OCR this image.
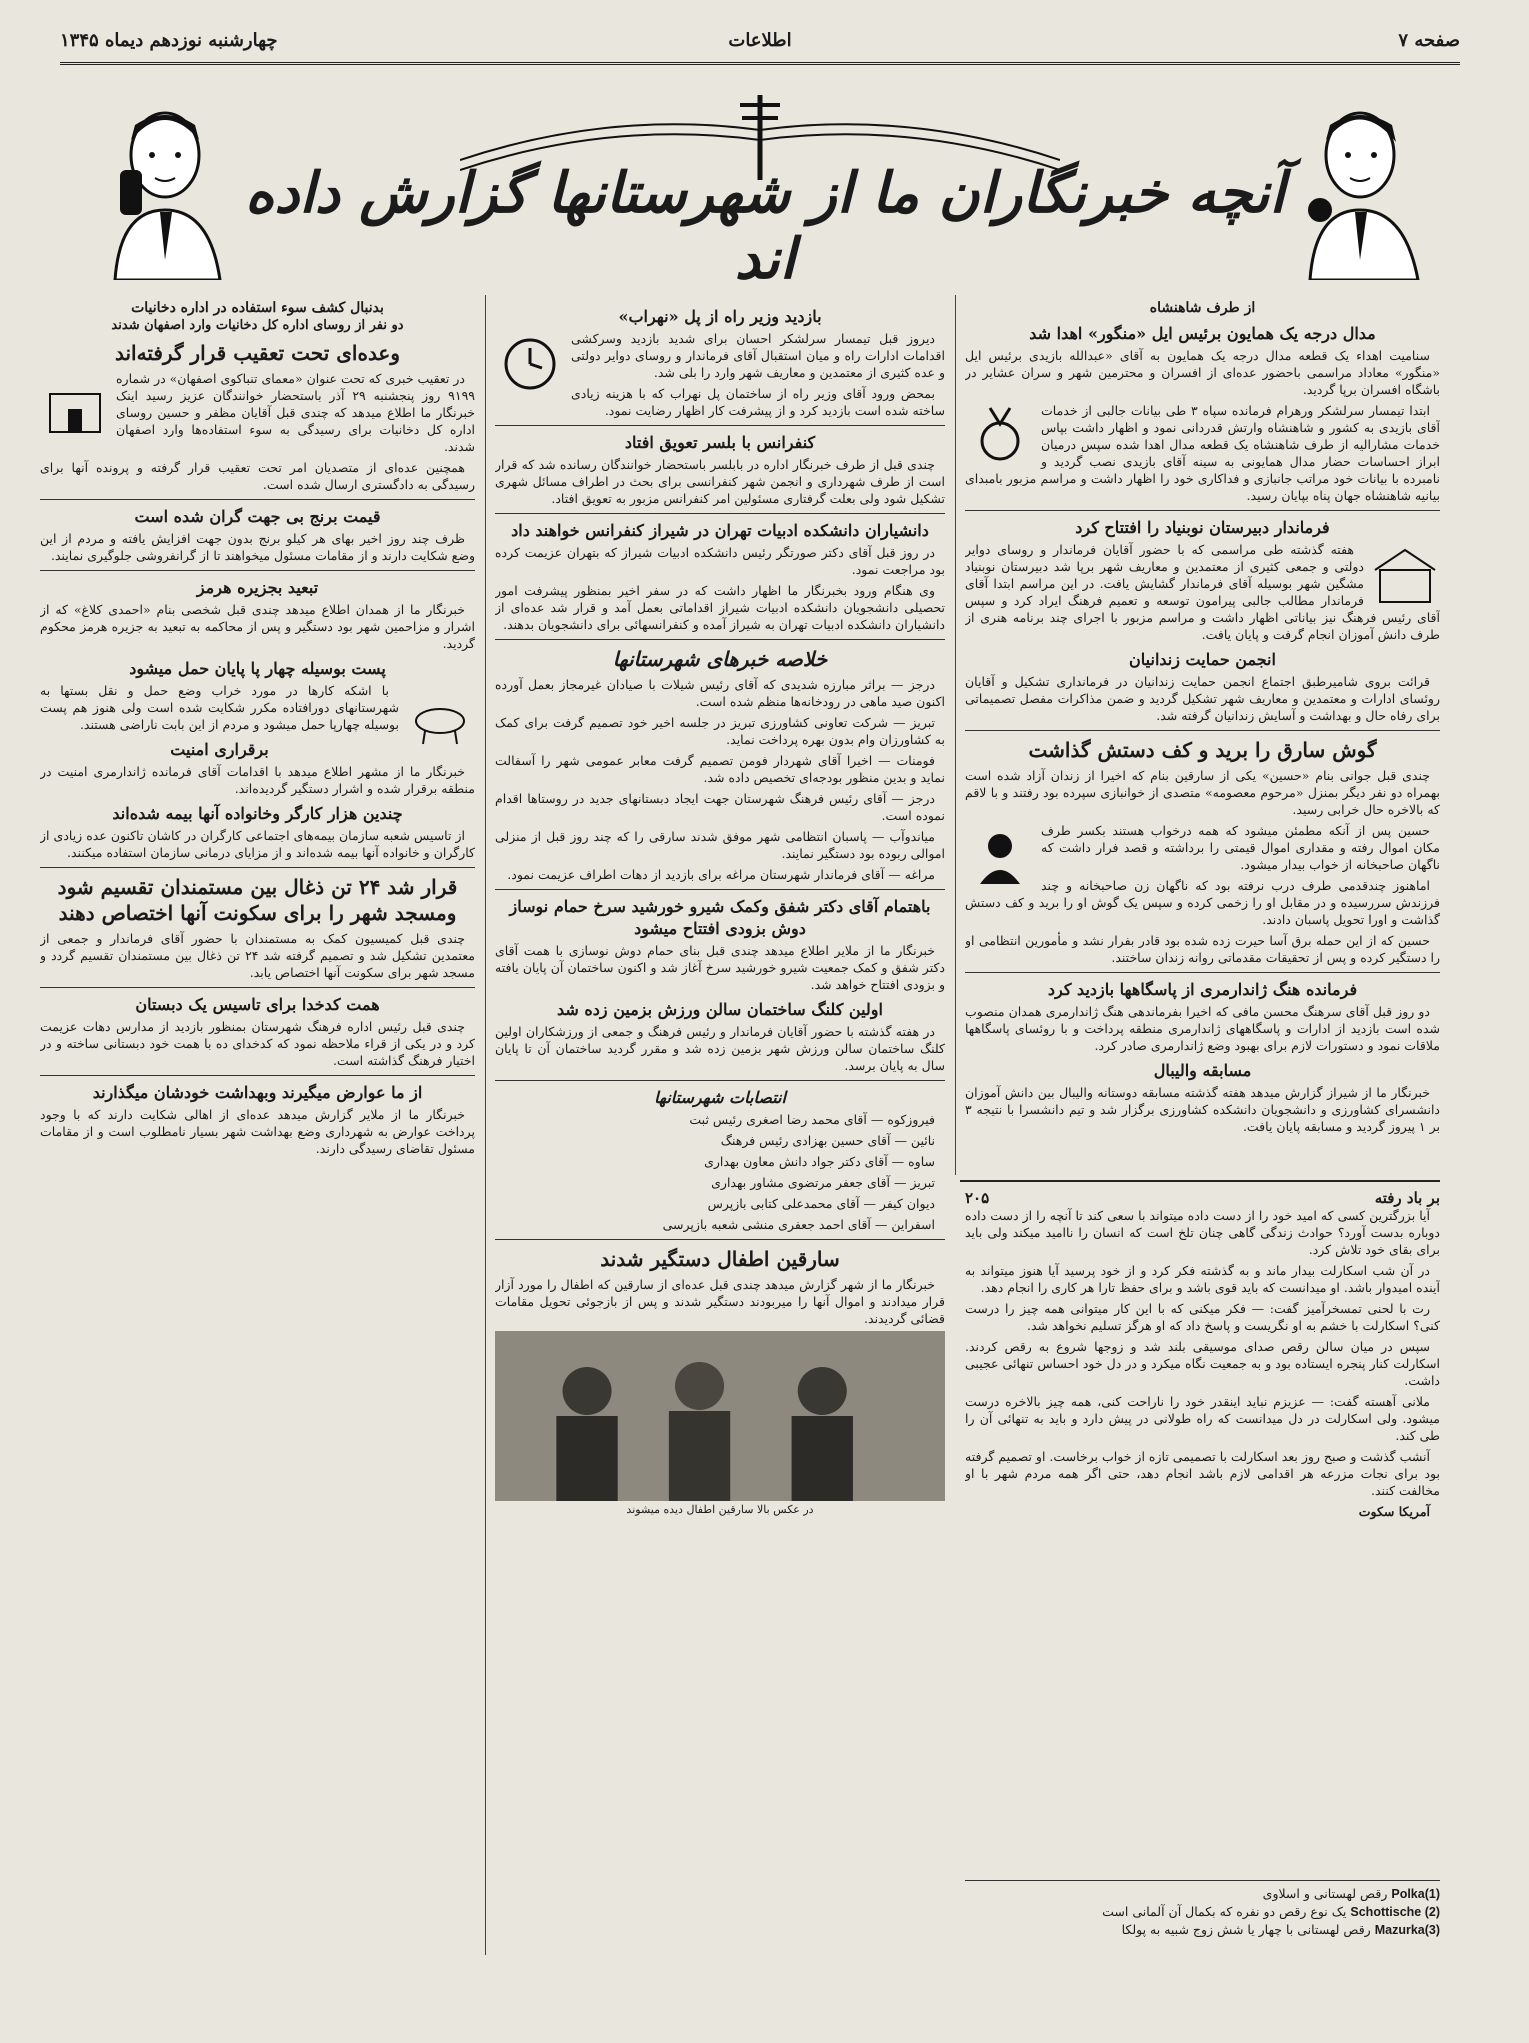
صفحه ۷
اطلاعات
چهارشنبه نوزدهم دیماه ۱۳۴۵
آنچه خبرنگاران ما از شهرستانها گزارش داده اند
از طرف شاهنشاه
مدال درجه یک همایون برئیس ایل «منگور» اهدا شد

سنامیت اهداء یک قطعه مدال درجه یک همایون به آقای «عبدالله بازیدی برئیس ایل «منگور» معاداد مراسمی باحضور عده‌ای از افسران و محترمین شهر و سران عشایر در باشگاه افسران برپا گردید.

ابتدا تیمسار سرلشکر ورهرام فرمانده سپاه ۳ طی بیانات جالبی از خدمات آقای بازیدی به کشور و شاهنشاه وارتش قدردانی نمود و اظهار داشت بپاس خدمات مشارالیه از طرف شاهنشاه یک قطعه مدال اهدا شده سپس درمیان ابراز احساسات حضار مدال همایونی به سینه آقای بازیدی نصب گردید و نامبرده با بیانات خود مراتب جانبازی و فداکاری خود را اظهار داشت و مراسم مزبور بامبدای بیانیه شاهنشاه جهان پناه بپایان رسید.

فرماندار دبیرستان نوبنیاد را افتتاح کرد

هفته گذشته طی مراسمی که با حضور آقایان فرماندار و روسای دوایر دولتی و جمعی کثیری از معتمدین و معاریف شهر برپا شد دبیرستان نوبنیاد مشگین شهر بوسیله آقای فرماندار گشایش یافت. در این مراسم ابتدا آقای فرماندار مطالب جالبی پیرامون توسعه و تعمیم فرهنگ ایراد کرد و سپس آقای رئیس فرهنگ نیز بیاناتی اظهار داشت و مراسم مزبور با اجرای چند برنامه هنری از طرف دانش آموزان انجام گرفت و پایان یافت.

انجمن حمایت زندانیان

قرائت بروی شامیرطبق اجتماع انجمن حمایت زندانیان در فرمانداری تشکیل و آقایان روئسای ادارات و معتمدین و معاریف شهر تشکیل گردید و ضمن مذاکرات مفصل تصمیماتی برای رفاه حال و بهداشت و آسایش زندانیان گرفته شد.

گوش سارق را برید و کف دستش گذاشت

چندی قبل جوانی بنام «حسین» یکی از سارقین بنام که اخیرا از زندان آزاد شده است بهمراه دو نفر دیگر بمنزل «مرحوم معصومه» متصدی از خوانبازی سپرده بود رفتند و با لاقم که بالاخره حال خرابی رسید.

حسین پس از آنکه مطمئن میشود که همه درخواب هستند بکسر طرف مکان اموال رفته و مقداری اموال قیمتی را برداشته و قصد فرار داشت که ناگهان صاحبخانه از خواب بیدار میشود.

اماهنوز چندقدمی طرف درب نرفته بود که ناگهان زن صاحبخانه و چند فرزندش سررسیده و در مقابل او را زخمی کرده و سپس یک گوش او را برید و کف دستش گذاشت و اورا تحویل پاسبان دادند.

حسین که از این حمله برق آسا حیرت زده شده بود قادر بفرار نشد و مأمورین انتظامی او را دستگیر کرده و پس از تحقیقات مقدماتی روانه زندان ساختند.

فرمانده هنگ ژاندارمری از پاسگاهها بازدید کرد

دو روز قبل آقای سرهنگ محسن مافی که اخیرا بفرماندهی هنگ ژاندارمری همدان منصوب شده است بازدید از ادارات و پاسگاههای ژاندارمری منطقه پرداخت و با روئسای پاسگاهها ملاقات نمود و دستورات لازم برای بهبود وضع ژاندارمری صادر کرد.

مسابقه والیبال

خبرنگار ما از شیراز گزارش میدهد هفته گذشته مسابقه دوستانه والیبال بین دانش آموزان دانشسرای کشاورزی و دانشجویان دانشکده کشاورزی برگزار شد و تیم دانشسرا با نتیجه ۳ بر ۱ پیروز گردید و مسابقه پایان یافت.

بازدید وزیر راه از پل «نهراب»

دیروز قبل تیمسار سرلشکر احسان برای شدید بازدید وسرکشی اقدامات ادارات راه و میان استقبال آقای فرماندار و روسای دوایر دولتی و عده کثیری از معتمدین و معاریف شهر وارد را بلی شد.

بمحض ورود آقای وزیر راه از ساختمان پل نهراب که با هزینه زیادی ساخته شده است بازدید کرد و از پیشرفت کار اظهار رضایت نمود.

کنفرانس با بلسر تعویق افتاد

چندی قبل از طرف خبرنگار اداره در بابلسر باستحضار خوانندگان رسانده شد که قرار است از طرف شهرداری و انجمن شهر کنفرانسی برای بحث در اطراف مسائل شهری تشکیل شود ولی بعلت گرفتاری مسئولین امر کنفرانس مزبور به تعویق افتاد.

دانشیاران دانشکده ادبیات تهران در شیراز کنفرانس خواهند داد

در روز قبل آقای دکتر صورتگر رئیس دانشکده ادبیات شیراز که بتهران عزیمت کرده بود مراجعت نمود.

وی هنگام ورود بخبرنگار ما اظهار داشت که در سفر اخیر بمنظور پیشرفت امور تحصیلی دانشجویان دانشکده ادبیات شیراز اقداماتی بعمل آمد و قرار شد عده‌ای از دانشیاران دانشکده ادبیات تهران به شیراز آمده و کنفرانسهائی برای دانشجویان بدهند.

خلاصه خبرهای شهرستانها

درجز — براثر مبارزه شدیدی که آقای رئیس شیلات با صیادان غیرمجاز بعمل آورده اکنون صید ماهی در رودخانه‌ها منظم شده است.

تبریز — شرکت تعاونی کشاورزی تبریز در جلسه اخیر خود تصمیم گرفت برای کمک به کشاورزان وام بدون بهره پرداخت نماید.

فومنات — اخیرا آقای شهردار فومن تصمیم گرفت معابر عمومی شهر را آسفالت نماید و بدین منظور بودجه‌ای تخصیص داده شد.

درجز — آقای رئیس فرهنگ شهرستان جهت ایجاد دبستانهای جدید در روستاها اقدام نموده است.

میاندوآب — پاسبان انتظامی شهر موفق شدند سارقی را که چند روز قبل از منزلی اموالی ربوده بود دستگیر نمایند.

مراغه — آقای فرماندار شهرستان مراغه برای بازدید از دهات اطراف عزیمت نمود.

باهتمام آقای دکتر شفق وکمک شیرو خورشید سرخ حمام نوساز دوش بزودی افتتاح میشود

خبرنگار ما از ملایر اطلاع میدهد چندی قبل بنای حمام دوش نوسازی با همت آقای دکتر شفق و کمک جمعیت شیرو خورشید سرخ آغاز شد و اکنون ساختمان آن پایان یافته و بزودی افتتاح خواهد شد.

اولین کلنگ ساختمان سالن ورزش بزمین زده شد

در هفته گذشته با حضور آقایان فرماندار و رئیس فرهنگ و جمعی از ورزشکاران اولین کلنگ ساختمان سالن ورزش شهر بزمین زده شد و مقرر گردید ساختمان آن تا پایان سال به پایان برسد.

انتصابات شهرستانها

فیروزکوه — آقای محمد رضا اصغری رئیس ثبت

نائین — آقای حسین بهزادی رئیس فرهنگ

ساوه — آقای دکتر جواد دانش معاون بهداری

تبریز — آقای جعفر مرتضوی مشاور بهداری

دیوان کیفر — آقای محمدعلی کتابی بازپرس

اسفراین — آقای احمد جعفری منشی شعبه بازپرسی

سارقین اطفال دستگیر شدند

خبرنگار ما از شهر گزارش میدهد چندی قبل عده‌ای از سارقین که اطفال را مورد آزار قرار میدادند و اموال آنها را میربودند دستگیر شدند و پس از بازجوئی تحویل مقامات قضائی گردیدند.

در عکس بالا سارقین اطفال دیده میشوند
بدنبال کشف سوء استفاده در اداره دخانیات
دو نفر از روسای اداره کل دخانیات وارد اصفهان شدند
وعده‌ای تحت تعقیب قرار گرفته‌اند

در تعقیب خبری که تحت عنوان «معمای تنباکوی اصفهان» در شماره ۹۱۹۹ روز پنجشنبه ۲۹ آذر باستحضار خوانندگان عزیز رسید اینک خبرنگار ما اطلاع میدهد که چندی قبل آقایان مظفر و حسین روسای اداره کل دخانیات برای رسیدگی به سوء استفاده‌ها وارد اصفهان شدند.

همچنین عده‌ای از متصدیان امر تحت تعقیب قرار گرفته و پرونده آنها برای رسیدگی به دادگستری ارسال شده است.

قیمت برنج بی جهت گران شده است

ظرف چند روز اخیر بهای هر کیلو برنج بدون جهت افزایش یافته و مردم از این وضع شکایت دارند و از مقامات مسئول میخواهند تا از گرانفروشی جلوگیری نمایند.

تبعید بجزیره هرمز

خبرنگار ما از همدان اطلاع میدهد چندی قبل شخصی بنام «احمدی کلاغ» که از اشرار و مزاحمین شهر بود دستگیر و پس از محاکمه به تبعید به جزیره هرمز محکوم گردید.

پست بوسیله چهار پا پایان حمل میشود

با اشکه کارها در مورد خراب وضع حمل و نقل بستها به شهرستانهای دورافتاده مکرر شکایت شده است ولی هنوز هم پست بوسیله چهارپا حمل میشود و مردم از این بابت ناراضی هستند.

برقراری امنیت

خبرنگار ما از مشهر اطلاع میدهد با اقدامات آقای فرمانده ژاندارمری امنیت در منطقه برقرار شده و اشرار دستگیر گردیده‌اند.

چندین هزار کارگر وخانواده آنها بیمه شده‌اند

از تاسیس شعبه سازمان بیمه‌های اجتماعی کارگران در کاشان تاکنون عده زیادی از کارگران و خانواده آنها بیمه شده‌اند و از مزایای درمانی سازمان استفاده میکنند.

قرار شد ۲۴ تن ذغال بین مستمندان تقسیم شود ومسجد شهر را برای سکونت آنها اختصاص دهند

چندی قبل کمیسیون کمک به مستمندان با حضور آقای فرماندار و جمعی از معتمدین تشکیل شد و تصمیم گرفته شد ۲۴ تن ذغال بین مستمندان تقسیم گردد و مسجد شهر برای سکونت آنها اختصاص یابد.

همت کدخدا برای تاسیس یک دبستان

چندی قبل رئیس اداره فرهنگ شهرستان بمنظور بازدید از مدارس دهات عزیمت کرد و در یکی از قراء ملاحظه نمود که کدخدای ده با همت خود دبستانی ساخته و در اختیار فرهنگ گذاشته است.

از ما عوارض میگیرند وبهداشت خودشان میگذارند

خبرنگار ما از ملایر گزارش میدهد عده‌ای از اهالی شکایت دارند که با وجود پرداخت عوارض به شهرداری وضع بهداشت شهر بسیار نامطلوب است و از مقامات مسئول تقاضای رسیدگی دارند.

بر باد رفته
۲۰۵

آیا بزرگترین کسی که امید خود را از دست داده میتواند با سعی کند تا آنچه را از دست داده دوباره بدست آورد؟ حوادث زندگی گاهی چنان تلخ است که انسان را ناامید میکند ولی باید برای بقای خود تلاش کرد.

در آن شب اسکارلت بیدار ماند و به گذشته فکر کرد و از خود پرسید آیا هنوز میتواند به آینده امیدوار باشد. او میدانست که باید قوی باشد و برای حفظ تارا هر کاری را انجام دهد.

رت با لحنی تمسخرآمیز گفت: — فکر میکنی که با این کار میتوانی همه چیز را درست کنی؟ اسکارلت با خشم به او نگریست و پاسخ داد که او هرگز تسلیم نخواهد شد.

سپس در میان سالن رقص صدای موسیقی بلند شد و زوجها شروع به رقص کردند. اسکارلت کنار پنجره ایستاده بود و به جمعیت نگاه میکرد و در دل خود احساس تنهائی عجیبی داشت.

ملانی آهسته گفت: — عزیزم نباید اینقدر خود را ناراحت کنی، همه چیز بالاخره درست میشود. ولی اسکارلت در دل میدانست که راه طولانی در پیش دارد و باید به تنهائی آن را طی کند.

آنشب گذشت و صبح روز بعد اسکارلت با تصمیمی تازه از خواب برخاست. او تصمیم گرفته بود برای نجات مزرعه هر اقدامی لازم باشد انجام دهد، حتی اگر همه مردم شهر با او مخالفت کنند.

آمریکا سکوت

Polka(1) رقص لهستانی و اسلاوی
Schottische (2) یک نوع رقص دو نفره که بکمال آن آلمانی است
Mazurka(3) رقص لهستانی با چهار یا شش زوج شبیه به پولکا
